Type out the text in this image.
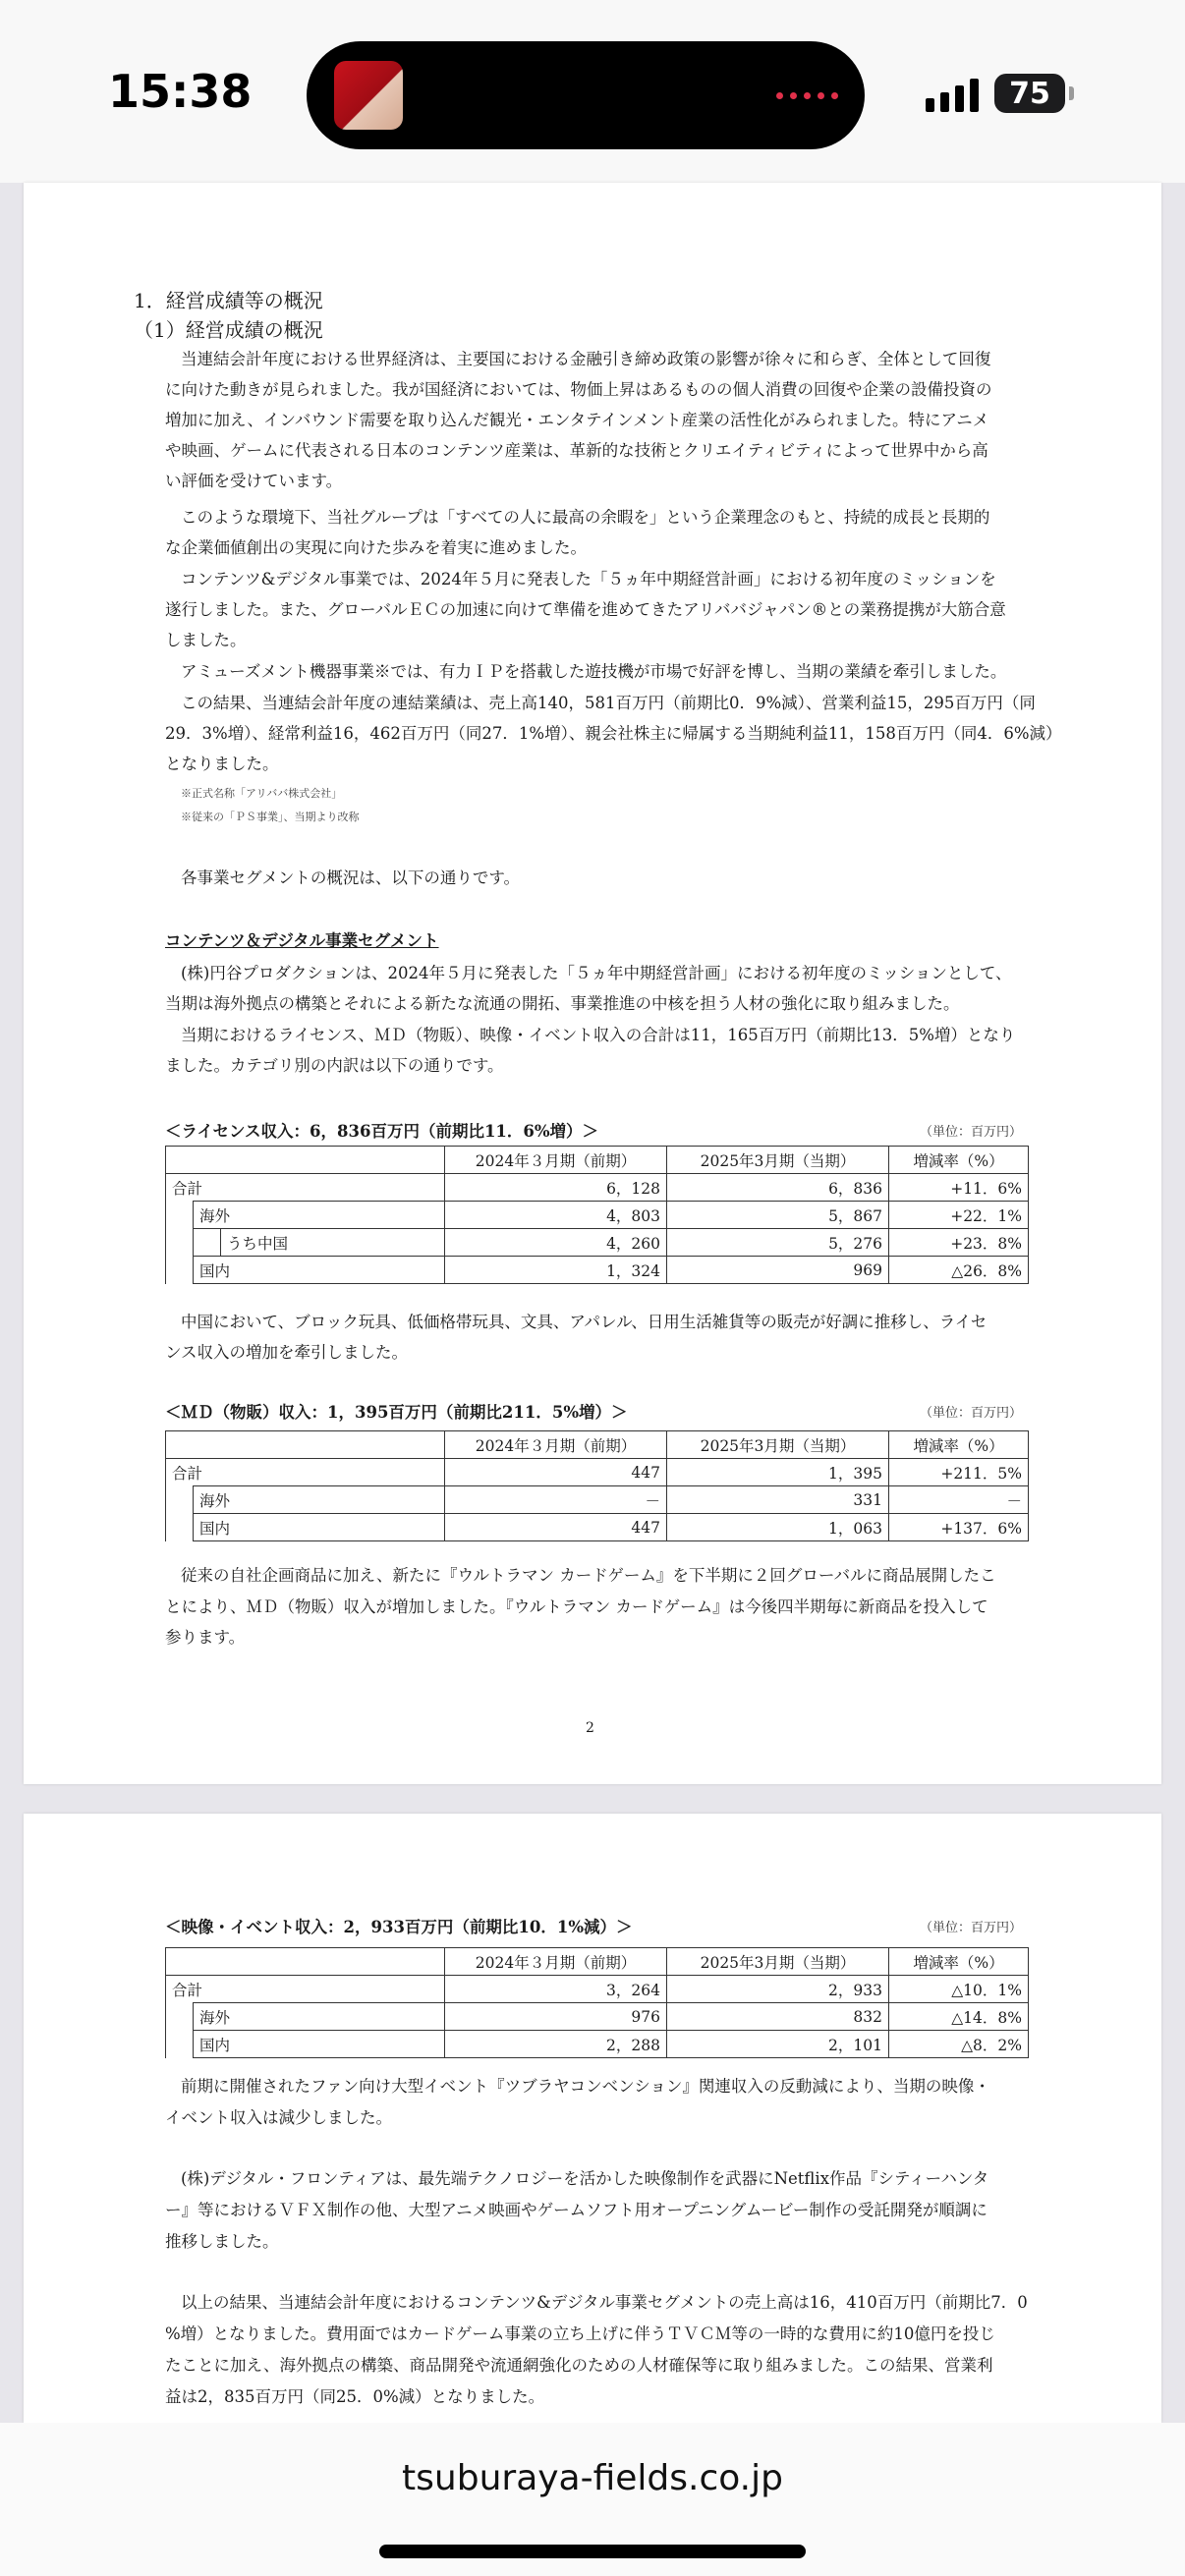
15:38	75
1．経営成績等の概況
（1）経営成績の概況
当連結会計年度における世界経済は、主要国における金融引き締め政策の影響が徐々に和らぎ、全体として回復
に向けた動きが見られました。我が国経済においては、物価上昇はあるものの個人消費の回復や企業の設備投資の
増加に加え、インバウンド需要を取り込んだ観光・エンタテインメント産業の活性化がみられました。特にアニメ
や映画、ゲームに代表される日本のコンテンツ産業は、革新的な技術とクリエイティビティによって世界中から高
い評価を受けています。
このような環境下、当社グループは「すべての人に最高の余暇を」という企業理念のもと、持続的成長と長期的
な企業価値創出の実現に向けた歩みを着実に進めました。
コンテンツ&デジタル事業では、2024年５月に発表した「５ヵ年中期経営計画」における初年度のミッションを
遂行しました。また、グローバルＥＣの加速に向けて準備を進めてきたアリババジャパン®との業務提携が大筋合意
しました。
アミューズメント機器事業※では、有力ＩＰを搭載した遊技機が市場で好評を博し、当期の業績を牽引しました。
この結果、当連結会計年度の連結業績は、売上高140，581百万円（前期比0．9%減）、営業利益15，295百万円（同
29．3%増）、経常利益16，462百万円（同27．1%増）、親会社株主に帰属する当期純利益11，158百万円（同4．6%減）
となりました。
※正式名称「アリババ株式会社」
※従来の「ＰＳ事業」、当期より改称
各事業セグメントの概況は、以下の通りです。
コンテンツ＆デジタル事業セグメント
(株)円谷プロダクションは、2024年５月に発表した「５ヵ年中期経営計画」における初年度のミッションとして、
当期は海外拠点の構築とそれによる新たな流通の開拓、事業推進の中核を担う人材の強化に取り組みました。
当期におけるライセンス、ＭＤ（物販）、映像・イベント収入の合計は11，165百万円（前期比13．5%増）となり
ました。カテゴリ別の内訳は以下の通りです。
＜ライセンス収入：6，836百万円（前期比11．6%増）＞	（単位：百万円）
			2024年３月期（前期）	2025年3月期（当期）	増減率（%）
合計			6，128	6，836	+11．6%
	海外		4，803	5，867	+22．1%
		うち中国	4，260	5，276	+23．8%
	国内		1，324	969	△26．8%
中国において、ブロック玩具、低価格帯玩具、文具、アパレル、日用生活雑貨等の販売が好調に推移し、ライセ
ンス収入の増加を牽引しました。
＜ＭＤ（物販）収入：1，395百万円（前期比211．5%増）＞	（単位：百万円）
		2024年３月期（前期）	2025年3月期（当期）	増減率（%）
合計		447	1，395	+211．5%
	海外	－	331	－
	国内	447	1，063	+137．6%
従来の自社企画商品に加え、新たに『ウルトラマン カードゲーム』を下半期に２回グローバルに商品展開したこ
とにより、ＭＤ（物販）収入が増加しました。『ウルトラマン カードゲーム』は今後四半期毎に新商品を投入して
参ります。
2
＜映像・イベント収入：2，933百万円（前期比10．1%減）＞	（単位：百万円）
		2024年３月期（前期）	2025年3月期（当期）	増減率（%）
合計		3，264	2，933	△10．1%
	海外	976	832	△14．8%
	国内	2，288	2，101	△8．2%
前期に開催されたファン向け大型イベント『ツブラヤコンベンション』関連収入の反動減により、当期の映像・
イベント収入は減少しました。
(株)デジタル・フロンティアは、最先端テクノロジーを活かした映像制作を武器にNetflix作品『シティーハンタ
ー』等におけるＶＦＸ制作の他、大型アニメ映画やゲームソフト用オープニングムービー制作の受託開発が順調に
推移しました。
以上の結果、当連結会計年度におけるコンテンツ&デジタル事業セグメントの売上高は16，410百万円（前期比7．0
%増）となりました。費用面ではカードゲーム事業の立ち上げに伴うＴＶＣＭ等の一時的な費用に約10億円を投じ
たことに加え、海外拠点の構築、商品開発や流通網強化のための人材確保等に取り組みました。この結果、営業利
益は2，835百万円（同25．0%減）となりました。
tsuburaya-fields.co.jp
